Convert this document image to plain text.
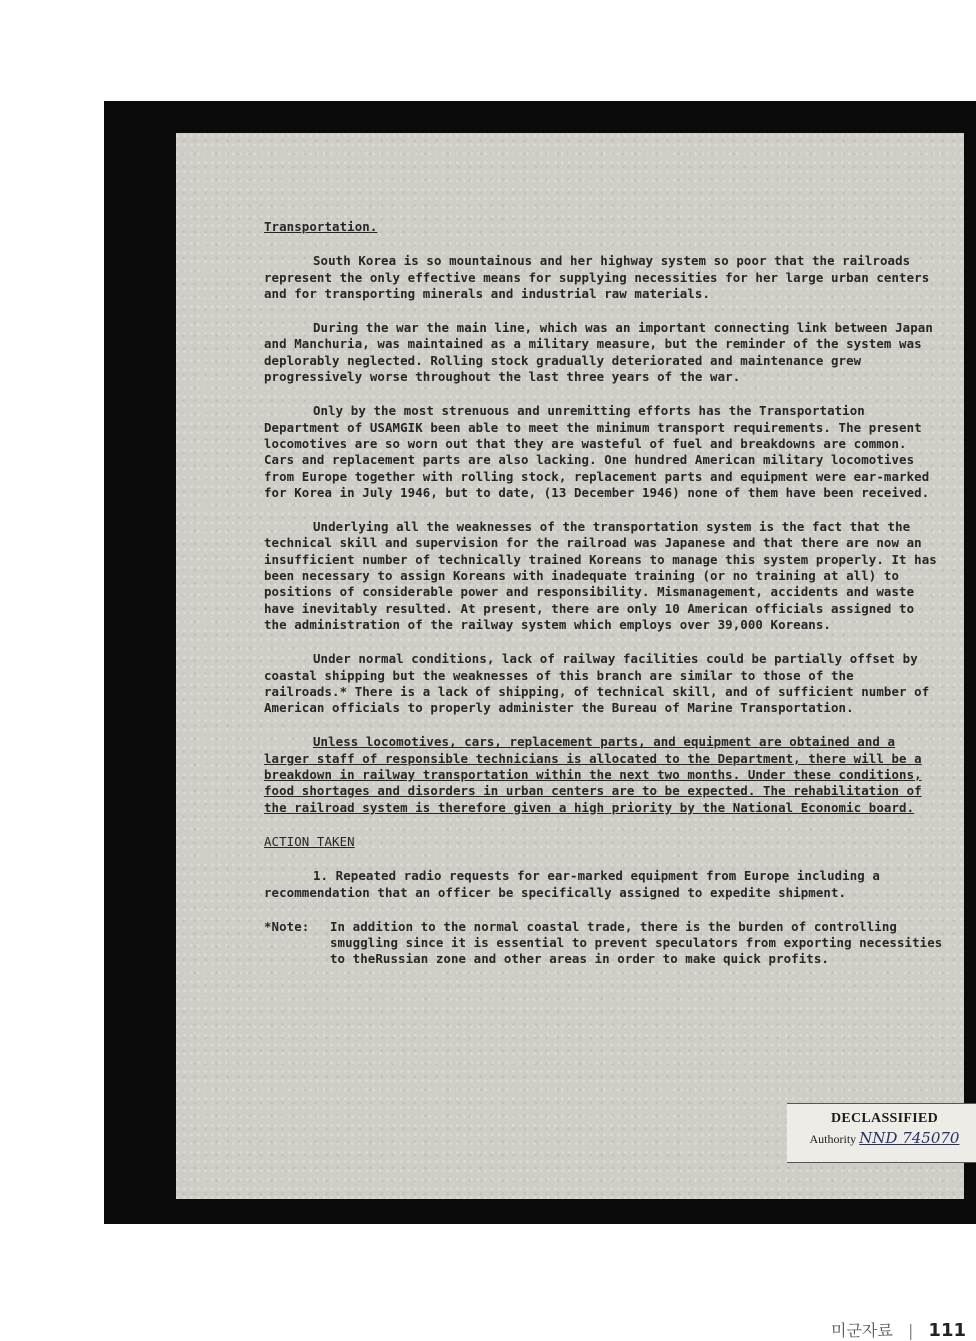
Transportation.

South Korea is so mountainous and her highway system so poor that the railroads represent the only effective means for supplying necessities for her large urban centers and for transporting minerals and industrial raw materials.

During the war the main line, which was an important connecting link between Japan and Manchuria, was maintained as a military measure, but the reminder of the system was deplorably neglected. Rolling stock gradually deteriorated and maintenance grew progressively worse throughout the last three years of the war.

Only by the most strenuous and unremitting efforts has the Transportation Department of USAMGIK been able to meet the minimum transport requirements. The present locomotives are so worn out that they are wasteful of fuel and breakdowns are common. Cars and replacement parts are also lacking. One hundred American military locomotives from Europe together with rolling stock, replacement parts and equipment were ear-marked for Korea in July 1946, but to date, (13 December 1946) none of them have been received.

Underlying all the weaknesses of the transportation system is the fact that the technical skill and supervision for the railroad was Japanese and that there are now an insufficient number of technically trained Koreans to manage this system properly. It has been necessary to assign Koreans with inadequate training (or no training at all) to positions of considerable power and responsibility. Mismanagement, accidents and waste have inevitably resulted. At present, there are only 10 American officials assigned to the administration of the railway system which employs over 39,000 Koreans.

Under normal conditions, lack of railway facilities could be partially offset by coastal shipping but the weaknesses of this branch are similar to those of the railroads.* There is a lack of shipping, of technical skill, and of sufficient number of American officials to properly administer the Bureau of Marine Transportation.

Unless locomotives, cars, replacement parts, and equipment are obtained and a larger staff of responsible technicians is allocated to the Department, there will be a breakdown in railway transportation within the next two months. Under these conditions, food shortages and disorders in urban centers are to be expected. The rehabilitation of the railroad system is therefore given a high priority by the National Economic board.

ACTION TAKEN

1. Repeated radio requests for ear-marked equipment from Europe including a recommendation that an officer be specifically assigned to expedite shipment.

*Note:	In addition to the normal coastal trade, there is the burden of controlling smuggling since it is essential to prevent speculators from exporting necessities to theRussian zone and other areas in order to make quick profits.
DECLASSIFIED
Authority NND 745070
미군자료 | 111
